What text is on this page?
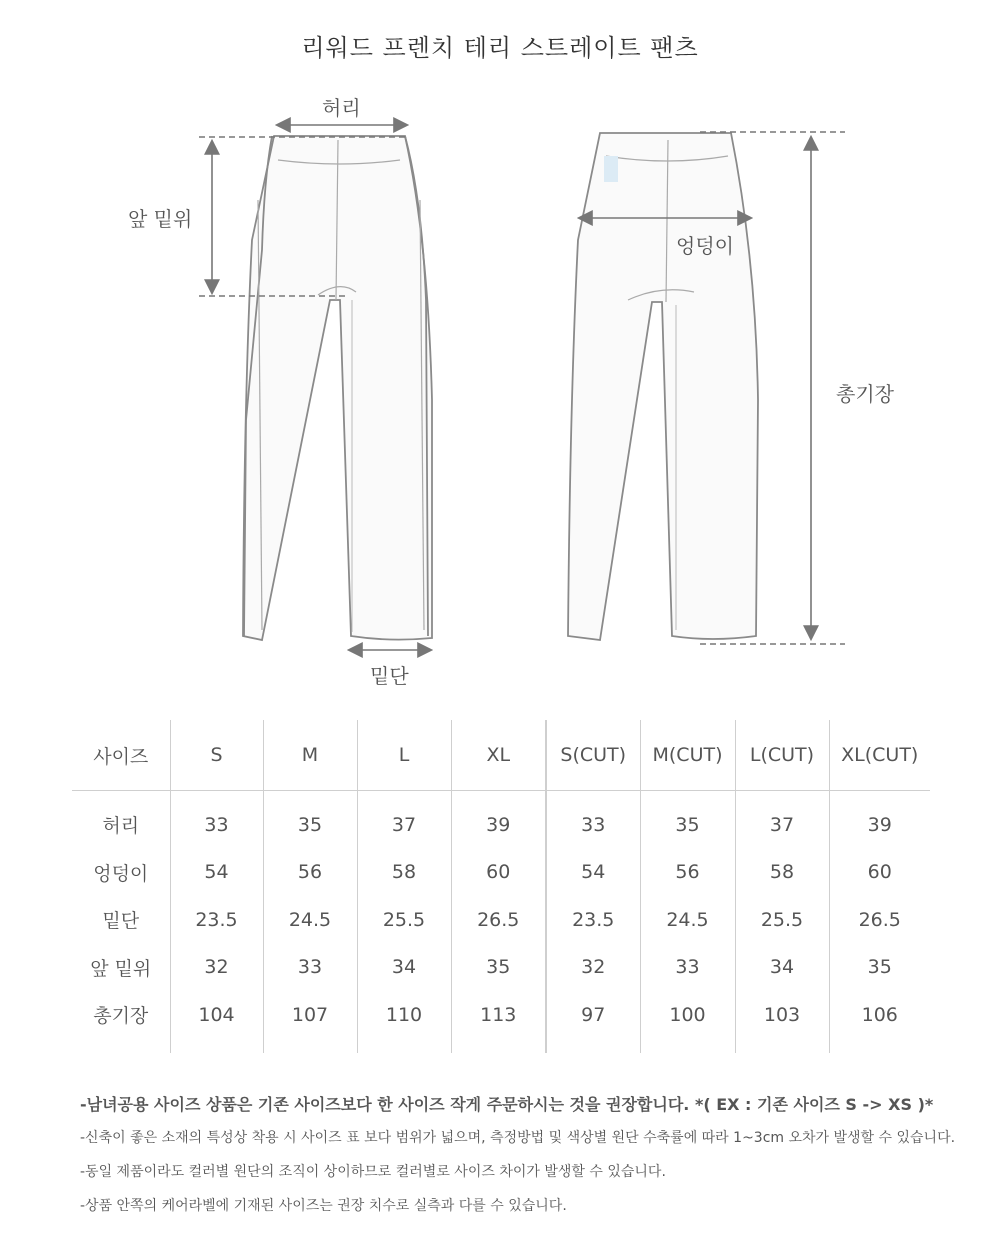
리워드 프렌치 테리 스트레이트 팬츠
허리
앞 밑위
밑단
엉덩이
총기장
사이즈	S	M	L	XL	S(CUT)	M(CUT)	L(CUT)	XL(CUT)
허리	33	35	37	39	33	35	37	39
엉덩이	54	56	58	60	54	56	58	60
밑단	23.5	24.5	25.5	26.5	23.5	24.5	25.5	26.5
앞 밑위	32	33	34	35	32	33	34	35
총기장	104	107	110	113	97	100	103	106
-남녀공용 사이즈 상품은 기존 사이즈보다 한 사이즈 작게 주문하시는 것을 권장합니다. *( EX : 기존 사이즈 S -> XS )*
-신축이 좋은 소재의 특성상 착용 시 사이즈 표 보다 범위가 넓으며, 측정방법 및 색상별 원단 수축률에 따라 1~3cm 오차가 발생할 수 있습니다.
-동일 제품이라도 컬러별 원단의 조직이 상이하므로 컬러별로 사이즈 차이가 발생할 수 있습니다.
-상품 안쪽의 케어라벨에 기재된 사이즈는 권장 치수로 실측과 다를 수 있습니다.
